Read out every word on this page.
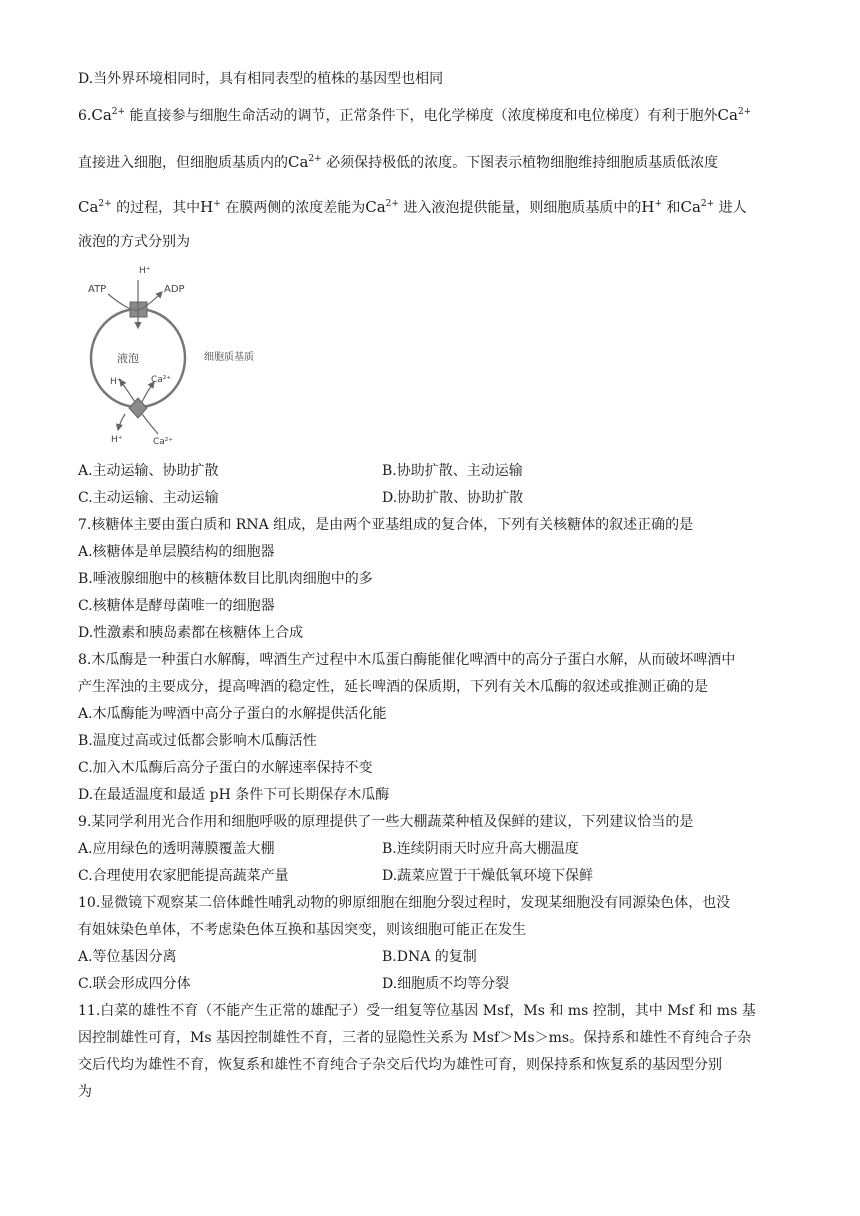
D.当外界环境相同时，具有相同表型的植株的基因型也相同
$6.Ca^{2+}$ 能直接参与细胞生命活动的调节，正常条件下，电化学梯度（浓度梯度和电位梯度）有利于胞外$Ca^{2+}$
直接进入细胞，但细胞质基质内的$Ca^{2+}$ 必须保持极低的浓度。下图表示植物细胞维持细胞质基质低浓度
$Ca^{2+}$ 的过程，其中H+ 在膜两侧的浓度差能为$Ca^{2+}$ 进入液泡提供能量，则细胞质基质中的H+ 和$Ca^{2+}$ 进人
液泡的方式分别为
H⁺
ATP	ADP
液泡	细胞质基质
H⁺	Ca²⁺
H⁺	Ca²⁺
A.主动运输、协助扩散	B.协助扩散、主动运输
C.主动运输、主动运输	D.协助扩散、协助扩散
7.核糖体主要由蛋白质和 RNA 组成，是由两个亚基组成的复合体，下列有关核糖体的叙述正确的是
A.核糖体是单层膜结构的细胞器
B.唾液腺细胞中的核糖体数目比肌肉细胞中的多
C.核糖体是酵母菌唯一的细胞器
D.性激素和胰岛素都在核糖体上合成
8.木瓜酶是一种蛋白水解酶，啤酒生产过程中木瓜蛋白酶能催化啤酒中的高分子蛋白水解，从而破坏啤酒中
产生浑浊的主要成分，提高啤酒的稳定性，延长啤酒的保质期，下列有关木瓜酶的叙述或推测正确的是
A.木瓜酶能为啤酒中高分子蛋白的水解提供活化能
B.温度过高或过低都会影响木瓜酶活性
C.加入木瓜酶后高分子蛋白的水解速率保持不变
D.在最适温度和最适 pH 条件下可长期保存木瓜酶
9.某同学利用光合作用和细胞呼吸的原理提供了一些大棚蔬菜种植及保鲜的建议，下列建议恰当的是
A.应用绿色的透明薄膜覆盖大棚	B.连续阴雨天时应升高大棚温度
C.合理使用农家肥能提高蔬菜产量	D.蔬菜应置于干燥低氧环境下保鲜
10.显微镜下观察某二倍体雌性哺乳动物的卵原细胞在细胞分裂过程时，发现某细胞没有同源染色体，也没
有姐妹染色单体，不考虑染色体互换和基因突变，则该细胞可能正在发生
A.等位基因分离	B.DNA 的复制
C.联会形成四分体	D.细胞质不均等分裂
11.白菜的雄性不育（不能产生正常的雄配子）受一组复等位基因 Msf，Ms 和 ms 控制，其中 Msf 和 ms 基
因控制雄性可育，Ms 基因控制雄性不育，三者的显隐性关系为 Msf＞Ms＞ms。保持系和雄性不育纯合子杂
交后代均为雄性不育，恢复系和雄性不育纯合子杂交后代均为雄性可育，则保持系和恢复系的基因型分别
为
